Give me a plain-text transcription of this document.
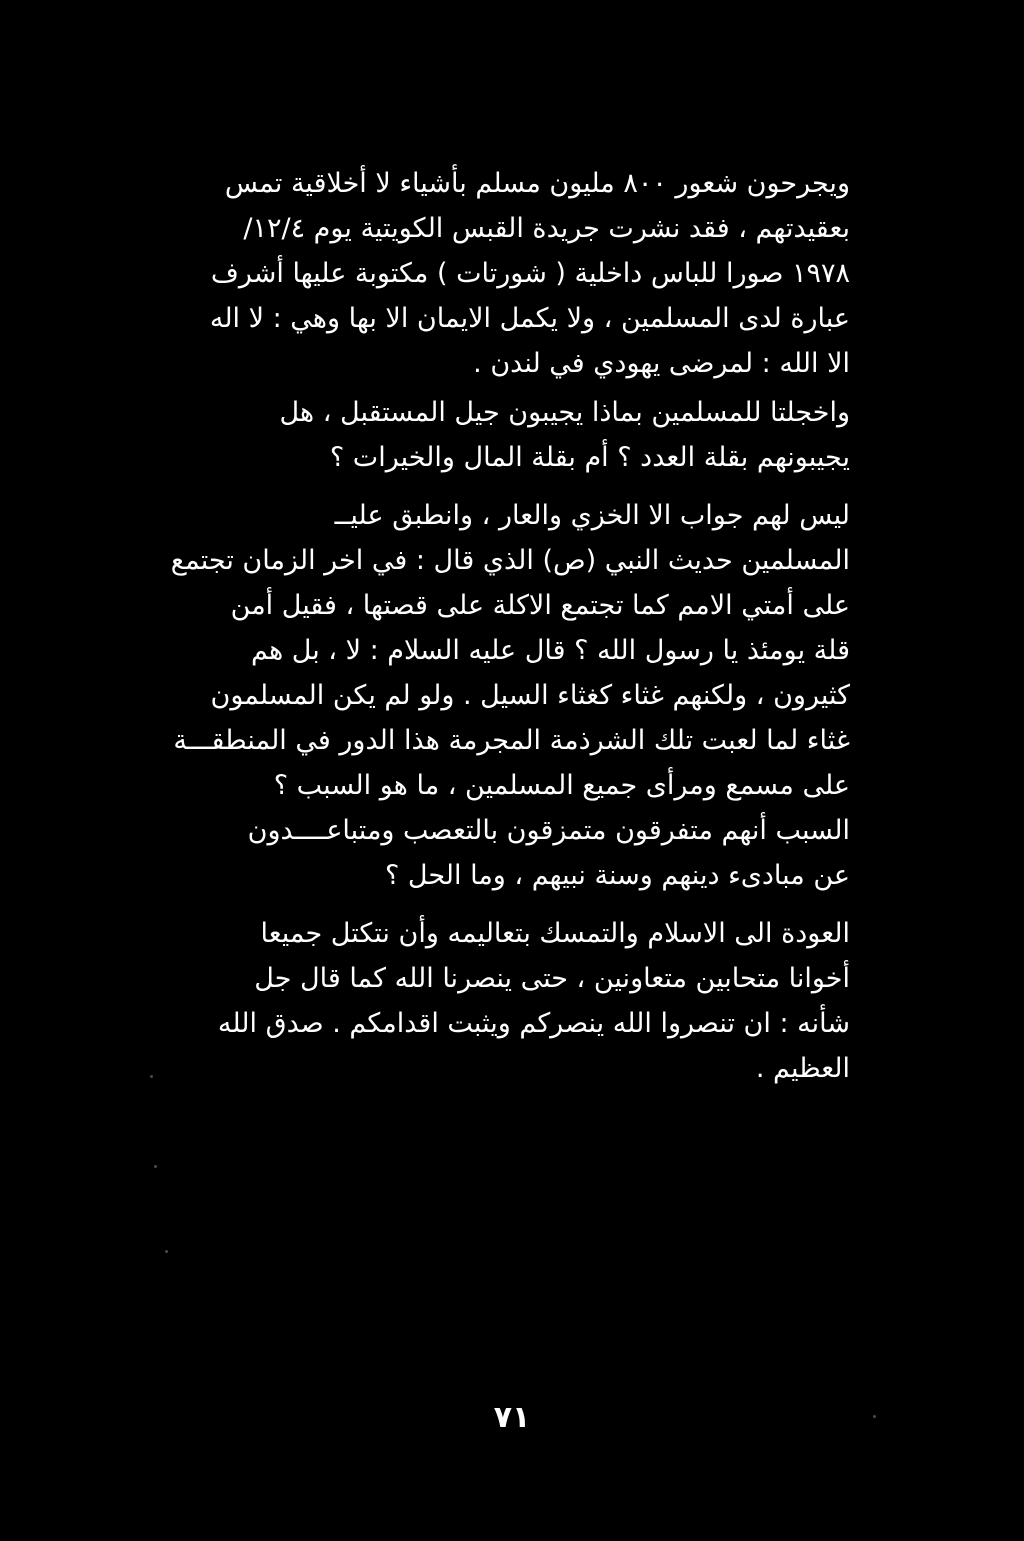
ويجرحون شعور ٨٠٠ مليون مسلم بأشياء لا أخلاقية تمس
بعقيدتهم ، فقد نشرت جريدة القبس الكويتية يوم ١٢/٤/
١٩٧٨ صورا للباس داخلية ( شورتات ) مكتوبة عليها أشرف
عبارة لدى المسلمين ، ولا يكمل الايمان الا بها وهي : لا اله
الا الله : لمرضى يهودي في لندن .
واخجلتا للمسلمين بماذا يجيبون جيل المستقبل ، هل
يجيبونهم بقلة العدد ؟ أم بقلة المال والخيرات ؟
ليس لهم جواب الا الخزي والعار ، وانطبق عليــ
المسلمين حديث النبي (ص) الذي قال : في اخر الزمان تجتمع
على أمتي الامم كما تجتمع الاكلة على قصتها ، فقيل أمن
قلة يومئذ يا رسول الله ؟ قال عليه السلام : لا ، بل هم
كثيرون ، ولكنهم غثاء كغثاء السيل . ولو لم يكن المسلمون
غثاء لما لعبت تلك الشرذمة المجرمة هذا الدور في المنطقـــة
على مسمع ومرأى جميع المسلمين ، ما هو السبب ؟
السبب أنهم متفرقون متمزقون بالتعصب ومتباعــــدون
عن مبادىء دينهم وسنة نبيهم ، وما الحل ؟
العودة الى الاسلام والتمسك بتعاليمه وأن نتكتل جميعا
أخوانا متحابين متعاونين ، حتى ينصرنا الله كما قال جل
شأنه : ان تنصروا الله ينصركم ويثبت اقدامكم . صدق الله
العظيم .
٧١
